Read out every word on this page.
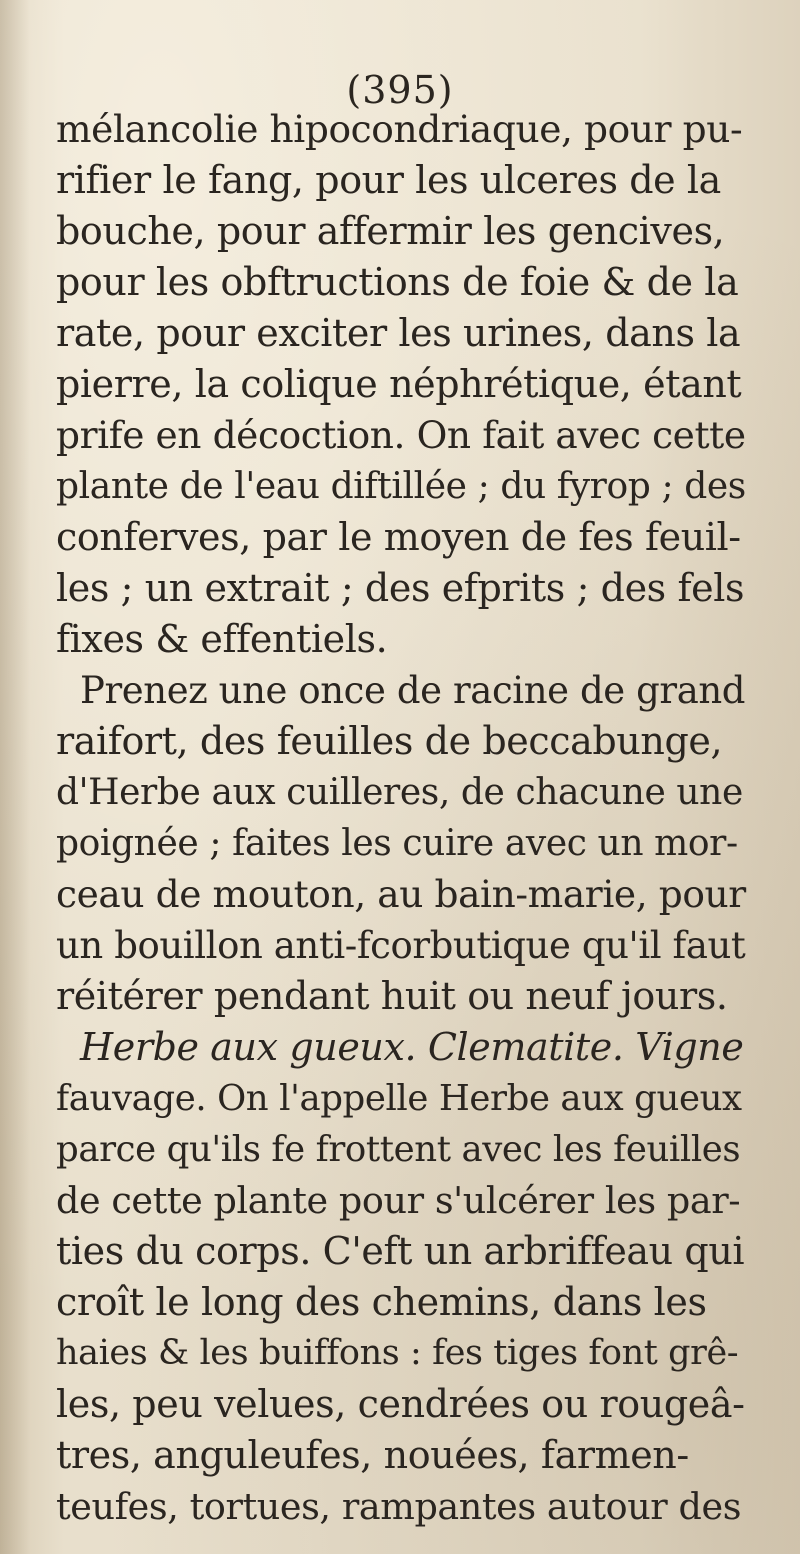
(395)
mélancolie hipocondriaque, pour pu-
rifier le fang, pour les ulceres de la
bouche, pour affermir les gencives,
pour les obftructions de foie & de la
rate, pour exciter les urines, dans la
pierre, la colique néphrétique, étant
prife en décoction. On fait avec cette
plante de l'eau diftillée ; du fyrop ; des
conferves, par le moyen de fes feuil-
les ; un extrait ; des efprits ; des fels
fixes & effentiels.
Prenez une once de racine de grand
raifort, des feuilles de beccabunge,
d'Herbe aux cuilleres, de chacune une
poignée ; faites les cuire avec un mor-
ceau de mouton, au bain-marie, pour
un bouillon anti-fcorbutique qu'il faut
réitérer pendant huit ou neuf jours.
Herbe aux gueux. Clematite. Vigne
fauvage. On l'appelle Herbe aux gueux
parce qu'ils fe frottent avec les feuilles
de cette plante pour s'ulcérer les par-
ties du corps. C'eft un arbriffeau qui
croît le long des chemins, dans les
haies & les buiffons : fes tiges font grê-
les, peu velues, cendrées ou rougeâ-
tres, anguleufes, nouées, farmen-
teufes, tortues, rampantes autour des
